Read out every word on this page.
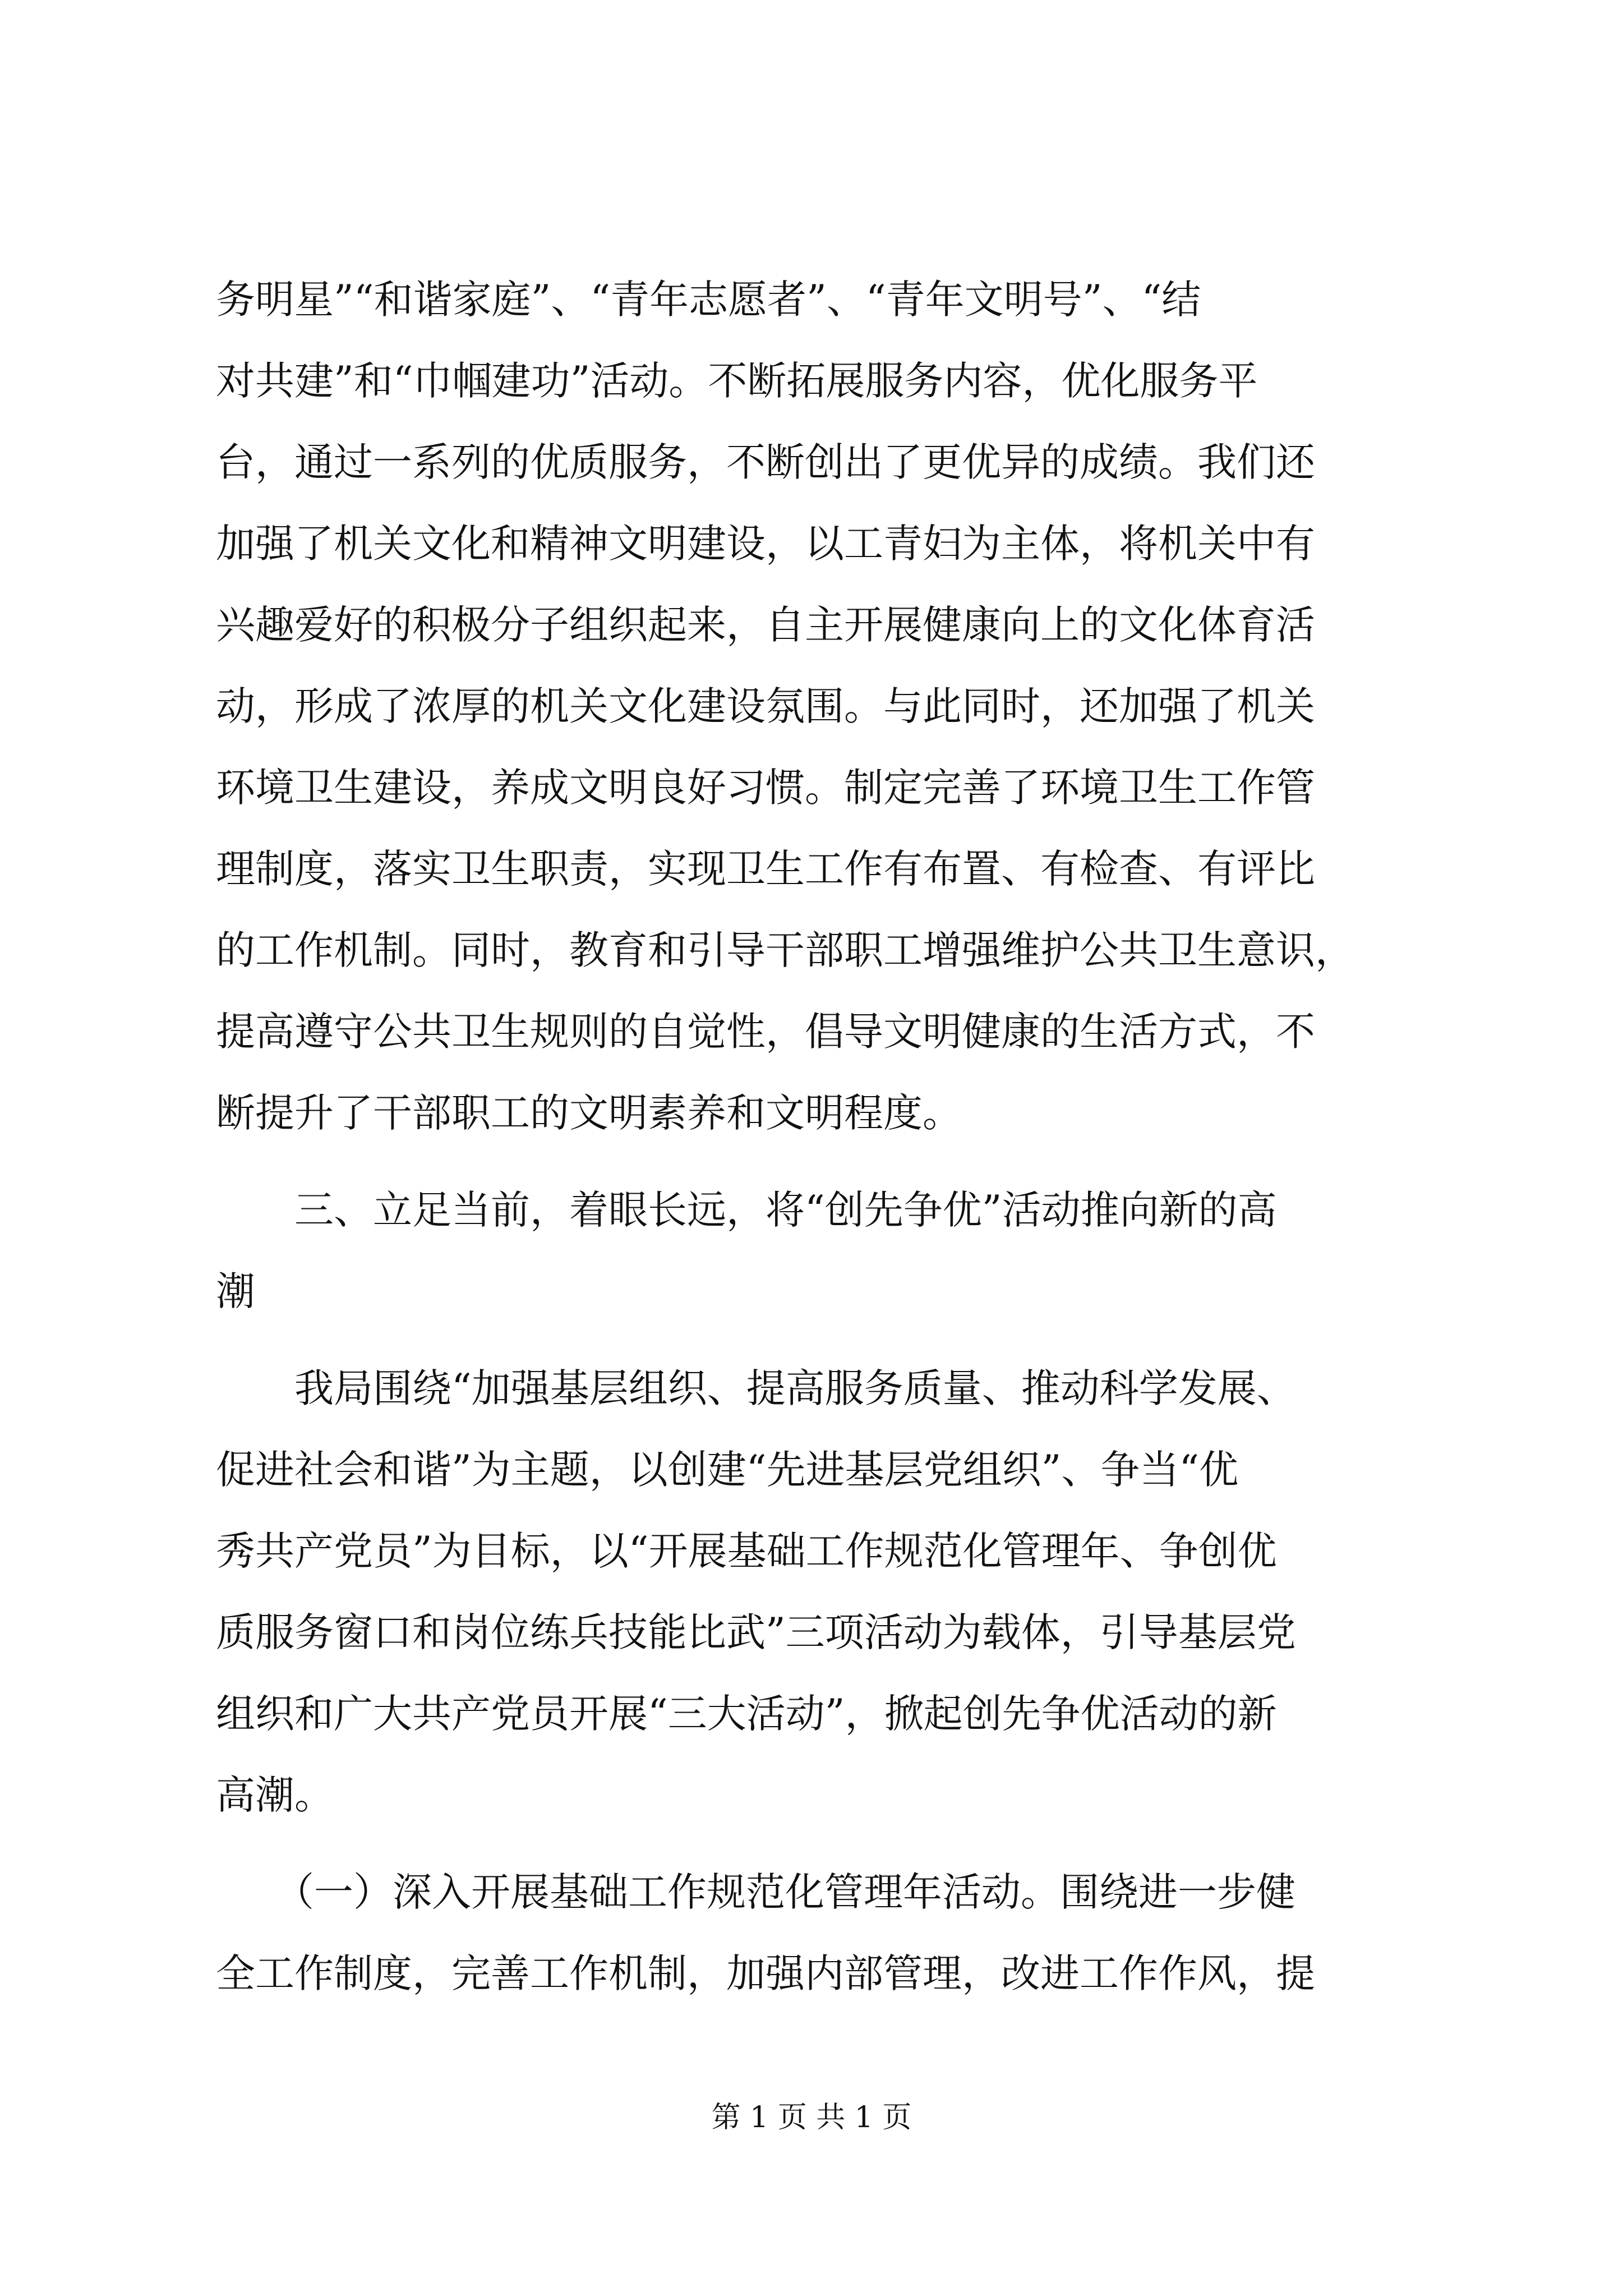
务明星”“和谐家庭”、“青年志愿者”、“青年文明号”、“结
对共建”和“巾帼建功”活动。不断拓展服务内容，优化服务平
台，通过一系列的优质服务，不断创出了更优异的成绩。我们还
加强了机关文化和精神文明建设，以工青妇为主体，将机关中有
兴趣爱好的积极分子组织起来，自主开展健康向上的文化体育活
动，形成了浓厚的机关文化建设氛围。与此同时，还加强了机关
环境卫生建设，养成文明良好习惯。制定完善了环境卫生工作管
理制度，落实卫生职责，实现卫生工作有布置、有检查、有评比
的工作机制。同时，教育和引导干部职工增强维护公共卫生意识，
提高遵守公共卫生规则的自觉性，倡导文明健康的生活方式，不
断提升了干部职工的文明素养和文明程度。
　　三、立足当前，着眼长远，将“创先争优”活动推向新的高
潮
　　我局围绕“加强基层组织、提高服务质量、推动科学发展、
促进社会和谐”为主题，以创建“先进基层党组织”、争当“优
秀共产党员”为目标，以“开展基础工作规范化管理年、争创优
质服务窗口和岗位练兵技能比武”三项活动为载体，引导基层党
组织和广大共产党员开展“三大活动”，掀起创先争优活动的新
高潮。
　　（一）深入开展基础工作规范化管理年活动。围绕进一步健
全工作制度，完善工作机制，加强内部管理，改进工作作风，提
第 1 页 共 1 页
